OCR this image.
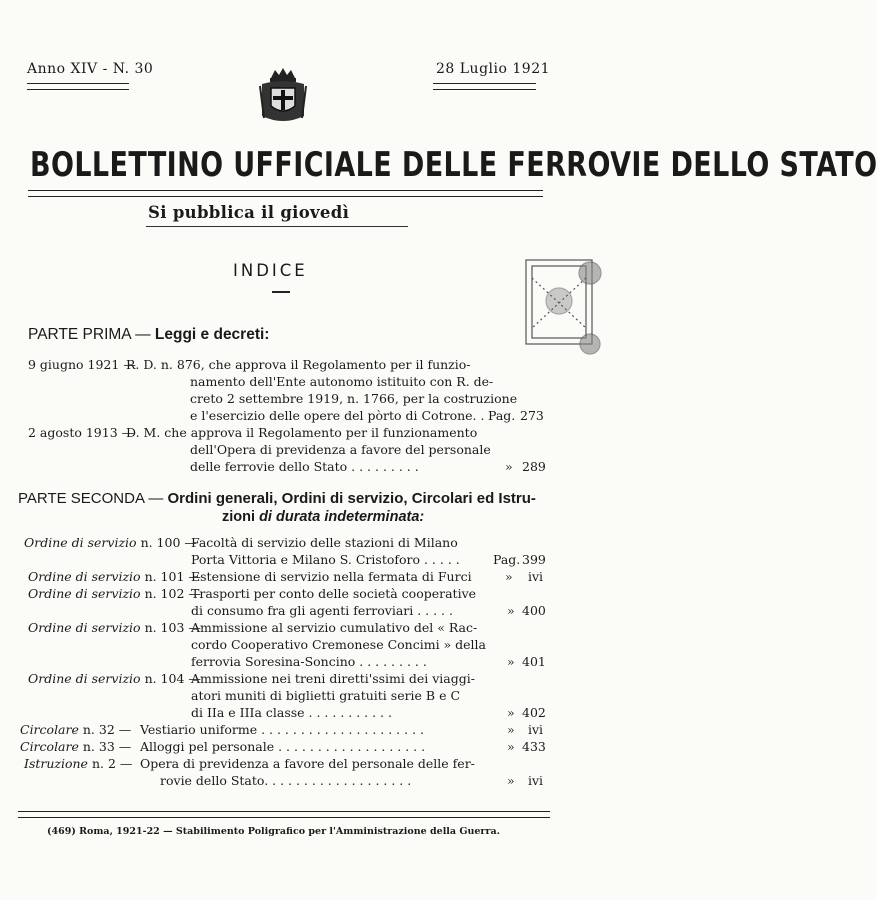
Anno XIV - N. 30	28 Luglio 1921
BOLLETTINO UFFICIALE DELLE FERROVIE DELLO STATO
Si pubblica il giovedì
INDICE
PARTE PRIMA — Leggi e decreti:
9 giugno 1921 —
R. D. n. 876, che approva il Regolamento per il funzio-
namento dell'Ente autonomo istituito con R. de-
creto 2 settembre 1919, n. 1766, per la costruzione
e l'esercizio delle opere del pòrto di Cotrone. . Pag. 273
2 agosto 1913 —
D. M. che approva il Regolamento per il funzionamento
dell'Opera di previdenza a favore del personale
delle ferrovie dello Stato . . . . . . . . .	» 289
PARTE SECONDA — Ordini generali, Ordini di servizio, Circolari ed Istru-
zioni di durata indeterminata:
Ordine di servizio n. 100 —
Facoltà di servizio delle stazioni di Milano
Porta Vittoria e Milano S. Cristoforo . . . . .	Pag. 399
Ordine di servizio n. 101 —
Estensione di servizio nella fermata di Furci	» ivi
Ordine di servizio n. 102 —
Trasporti per conto delle società cooperative
di consumo fra gli agenti ferroviari . . . . .	» 400
Ordine di servizio n. 103 —
Ammissione al servizio cumulativo del « Rac-
cordo Cooperativo Cremonese Concimi » della
ferrovia Soresina-Soncino . . . . . . . . .	» 401
Ordine di servizio n. 104 —
Ammissione nei treni diretti'ssimi dei viaggi-
atori muniti di biglietti gratuiti serie B e C
di IIa e IIIa classe . . . . . . . . . . .	» 402
Circolare n. 32 — Vestiario uniforme . . . . . . . . . . . . . . . . . . . . .	» ivi
Circolare n. 33 — Alloggi pel personale . . . . . . . . . . . . . . . . . . .	» 433
Istruzione n. 2 — Opera di previdenza a favore del personale delle fer-
rovie dello Stato. . . . . . . . . . . . . . . . . . .	» ivi
(469) Roma, 1921-22 — Stabilimento Poligrafico per l'Amministrazione della Guerra.
